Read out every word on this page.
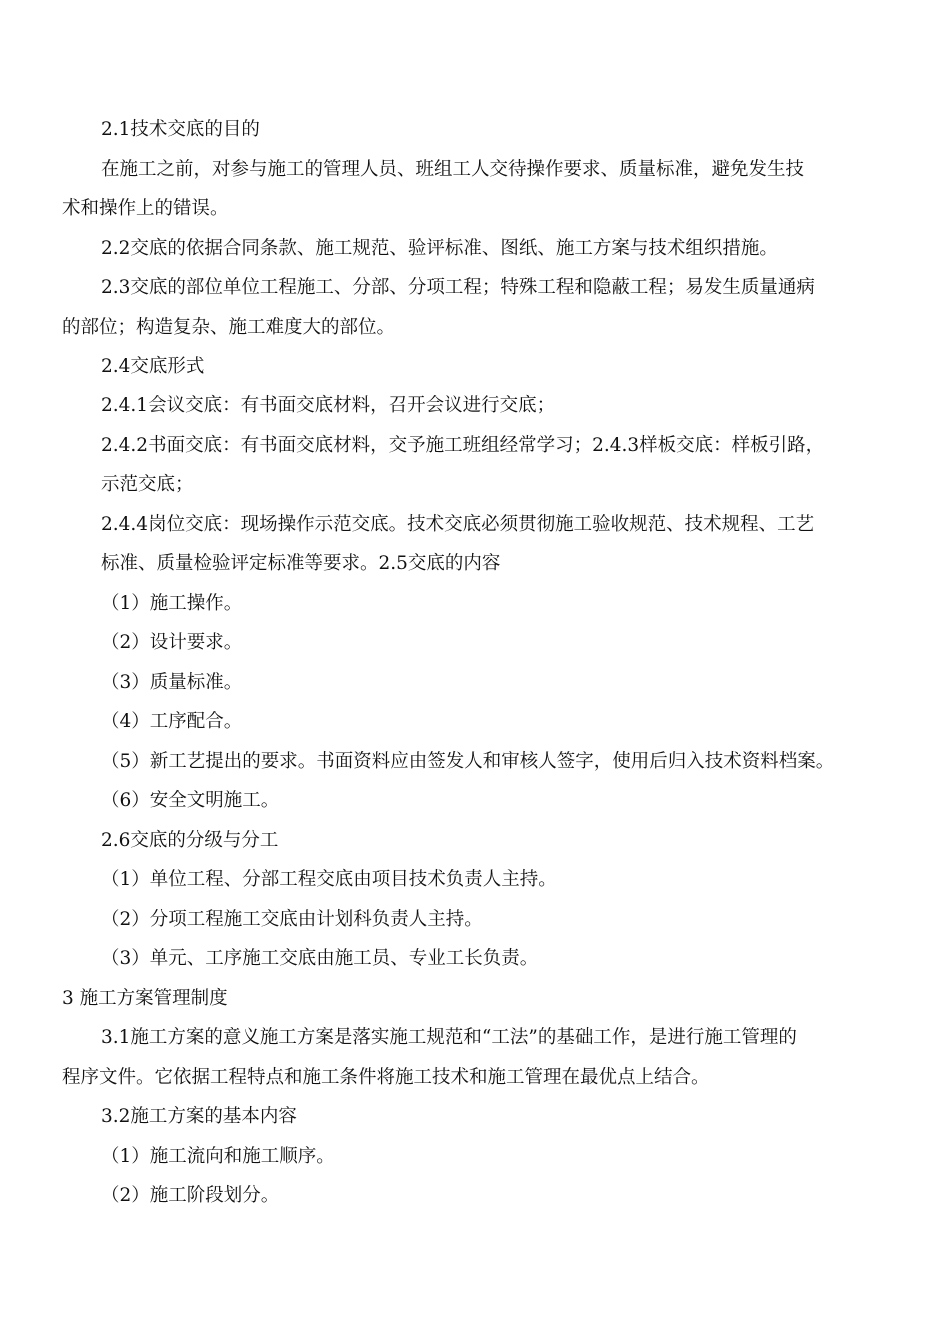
2.1技术交底的目的
在施工之前，对参与施工的管理人员、班组工人交待操作要求、质量标准，避免发生技
术和操作上的错误。
2.2交底的依据合同条款、施工规范、验评标准、图纸、施工方案与技术组织措施。
2.3交底的部位单位工程施工、分部、分项工程；特殊工程和隐蔽工程；易发生质量通病
的部位；构造复杂、施工难度大的部位。
2.4交底形式
2.4.1会议交底：有书面交底材料，召开会议进行交底；
2.4.2书面交底：有书面交底材料，交予施工班组经常学习；2.4.3样板交底：样板引路，
示范交底；
2.4.4岗位交底：现场操作示范交底。技术交底必须贯彻施工验收规范、技术规程、工艺
标准、质量检验评定标准等要求。2.5交底的内容
（1）施工操作。
（2）设计要求。
（3）质量标准。
（4）工序配合。
（5）新工艺提出的要求。书面资料应由签发人和审核人签字，使用后归入技术资料档案。
（6）安全文明施工。
2.6交底的分级与分工
（1）单位工程、分部工程交底由项目技术负责人主持。
（2）分项工程施工交底由计划科负责人主持。
（3）单元、工序施工交底由施工员、专业工长负责。
3 施工方案管理制度
3.1施工方案的意义施工方案是落实施工规范和“工法”的基础工作，是进行施工管理的
程序文件。它依据工程特点和施工条件将施工技术和施工管理在最优点上结合。
3.2施工方案的基本内容
（1）施工流向和施工顺序。
（2）施工阶段划分。
